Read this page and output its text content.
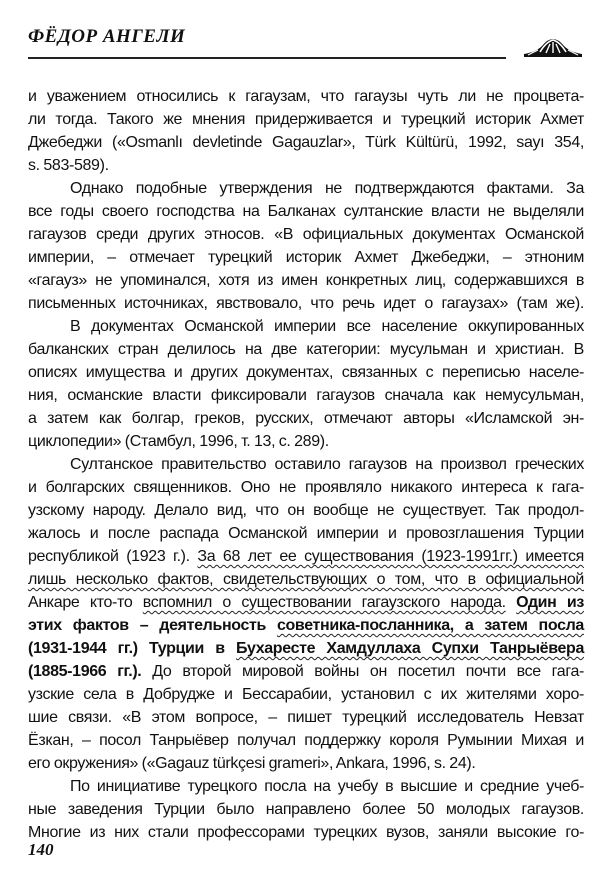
ФЁДОР АНГЕЛИ
и уважением относились к гагаузам, что гагаузы чуть ли не процвета-
ли тогда. Такого же мнения придерживается и турецкий историк Ахмет
Джебеджи («Osmanlı devletinde Gagauzlar», Türk Kültürü, 1992, sayı 354,
s. 583-589).
Однако подобные утверждения не подтверждаются фактами. За
все годы своего господства на Балканах султанские власти не выделяли
гагаузов среди других этносов. «В официальных документах Османской
империи, – отмечает турецкий историк Ахмет Джебеджи, – этноним
«гагауз» не упоминался, хотя из имен конкретных лиц, содержавшихся в
письменных источниках, явствовало, что речь идет о гагаузах» (там же).
В документах Османской империи все население оккупированных
балканских стран делилось на две категории: мусульман и христиан. В
описях имущества и других документах, связанных с переписью населе-
ния, османские власти фиксировали гагаузов сначала как немусульман,
а затем как болгар, греков, русских, отмечают авторы «Исламской эн-
циклопедии» (Стамбул, 1996, т. 13, с. 289).
Султанское правительство оставило гагаузов на произвол греческих
и болгарских священников. Оно не проявляло никакого интереса к гага-
узскому народу. Делало вид, что он вообще не существует. Так продол-
жалось и после распада Османской империи и провозглашения Турции
республикой (1923 г.). За 68 лет ее существования (1923-1991гг.) имеется
лишь несколько фактов, свидетельствующих о том, что в официальной
Анкаре кто-то вспомнил о существовании гагаузского народа. Один из
этих фактов – деятельность советника-посланника, а затем посла
(1931-1944 гг.) Турции в Бухаресте Хамдуллаха Супхи Танрыёвера
(1885-1966 гг.). До второй мировой войны он посетил почти все гага-
узские села в Добрудже и Бессарабии, установил с их жителями хоро-
шие связи. «В этом вопросе, – пишет турецкий исследователь Невзат
Ёзкан, – посол Танрыёвер получал поддержку короля Румынии Михая и
его окружения» («Gagauz türkçesi grameri», Ankara, 1996, s. 24).
По инициативе турецкого посла на учебу в высшие и средние учеб-
ные заведения Турции было направлено более 50 молодых гагаузов.
Многие из них стали профессорами турецких вузов, заняли высокие го-
140
